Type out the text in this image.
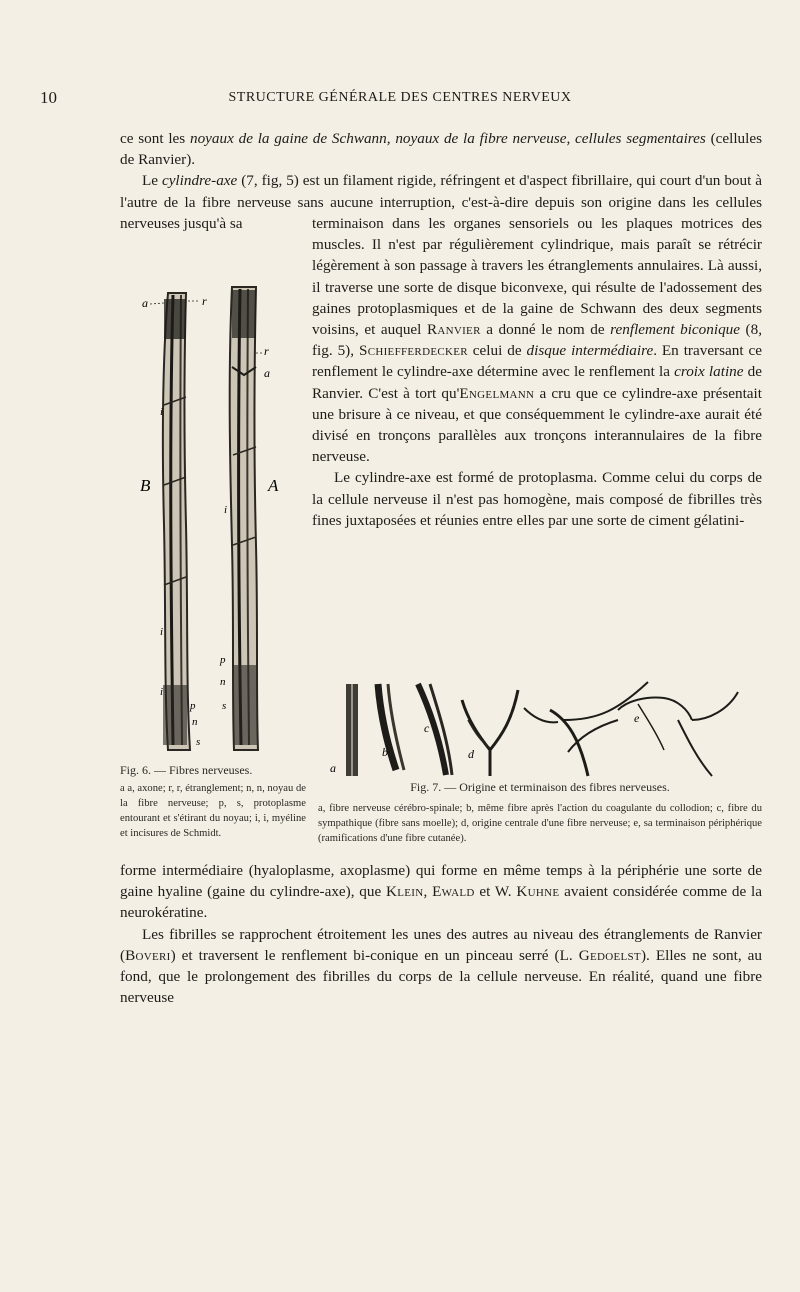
10	STRUCTURE GÉNÉRALE DES CENTRES NERVEUX

ce sont les noyaux de la gaine de Schwann, noyaux de la fibre nerveuse, cellules segmentaires (cellules de Ranvier).

Le cylindre-axe (7, fig, 5) est un filament rigide, réfringent et d'aspect fibrillaire, qui court d'un bout à l'autre de la fibre nerveuse sans aucune interruption, c'est-à-dire depuis son origine dans les cellules nerveuses jusqu'à sa	terminaison dans les organes sensoriels ou les plaques motrices des muscles. Il n'est par régulièrement cylindrique, mais paraît se rétrécir légèrement à son passage à travers les étranglements annulaires. Là aussi, il traverse une sorte de disque biconvexe, qui résulte de l'adossement des gaines protoplasmiques et de la gaine de Schwann des deux segments voisins, et auquel Ranvier a donné le nom de renflement biconique (8, fig. 5), Schiefferdecker celui de disque intermédiaire. En traversant ce renflement le cylindre-axe détermine avec le renflement la croix latine de Ranvier. C'est à tort qu'Engelmann a cru que ce cylindre-axe présentait une brisure à ce niveau, et que conséquemment le cylindre-axe aurait été divisé en tronçons parallèles aux tronçons interannulaires de la fibre nerveuse.

Le cylindre-axe est formé de protoplasma. Comme celui du corps de la cellule nerveuse il n'est pas homogène, mais composé de fibrilles très fines juxtaposées et réunies entre elles par une sorte de ciment gélatini-

a	r
r
a
A
B
i
i
i
i
p
n
s
p
n
s

Fig. 6. — Fibres nerveuses.

a a, axone; r, r, étranglement; n, n, noyau de la fibre nerveuse; p, s, protoplasme entourant et s'étirant du noyau; i, i, myéline et incisures de Schmidt.

a
b
c
d
e

Fig. 7. — Origine et terminaison des fibres nerveuses.

a, fibre nerveuse cérébro-spinale; b, même fibre après l'action du coagulante du collodion; c, fibre du sympathique (fibre sans moelle); d, origine centrale d'une fibre nerveuse; e, sa terminaison périphérique (ramifications d'une fibre cutanée).

forme intermédiaire (hyaloplasme, axoplasme) qui forme en même temps à la périphérie une sorte de gaine hyaline (gaine du cylindre-axe), que Klein, Ewald et W. Kuhne avaient considérée comme de la neurokératine.

Les fibrilles se rapprochent étroitement les unes des autres au niveau des étranglements de Ranvier (Boveri) et traversent le renflement bi-conique en un pinceau serré (L. Gedoelst). Elles ne sont, au fond, que le prolongement des fibrilles du corps de la cellule nerveuse. En réalité, quand une fibre nerveuse
